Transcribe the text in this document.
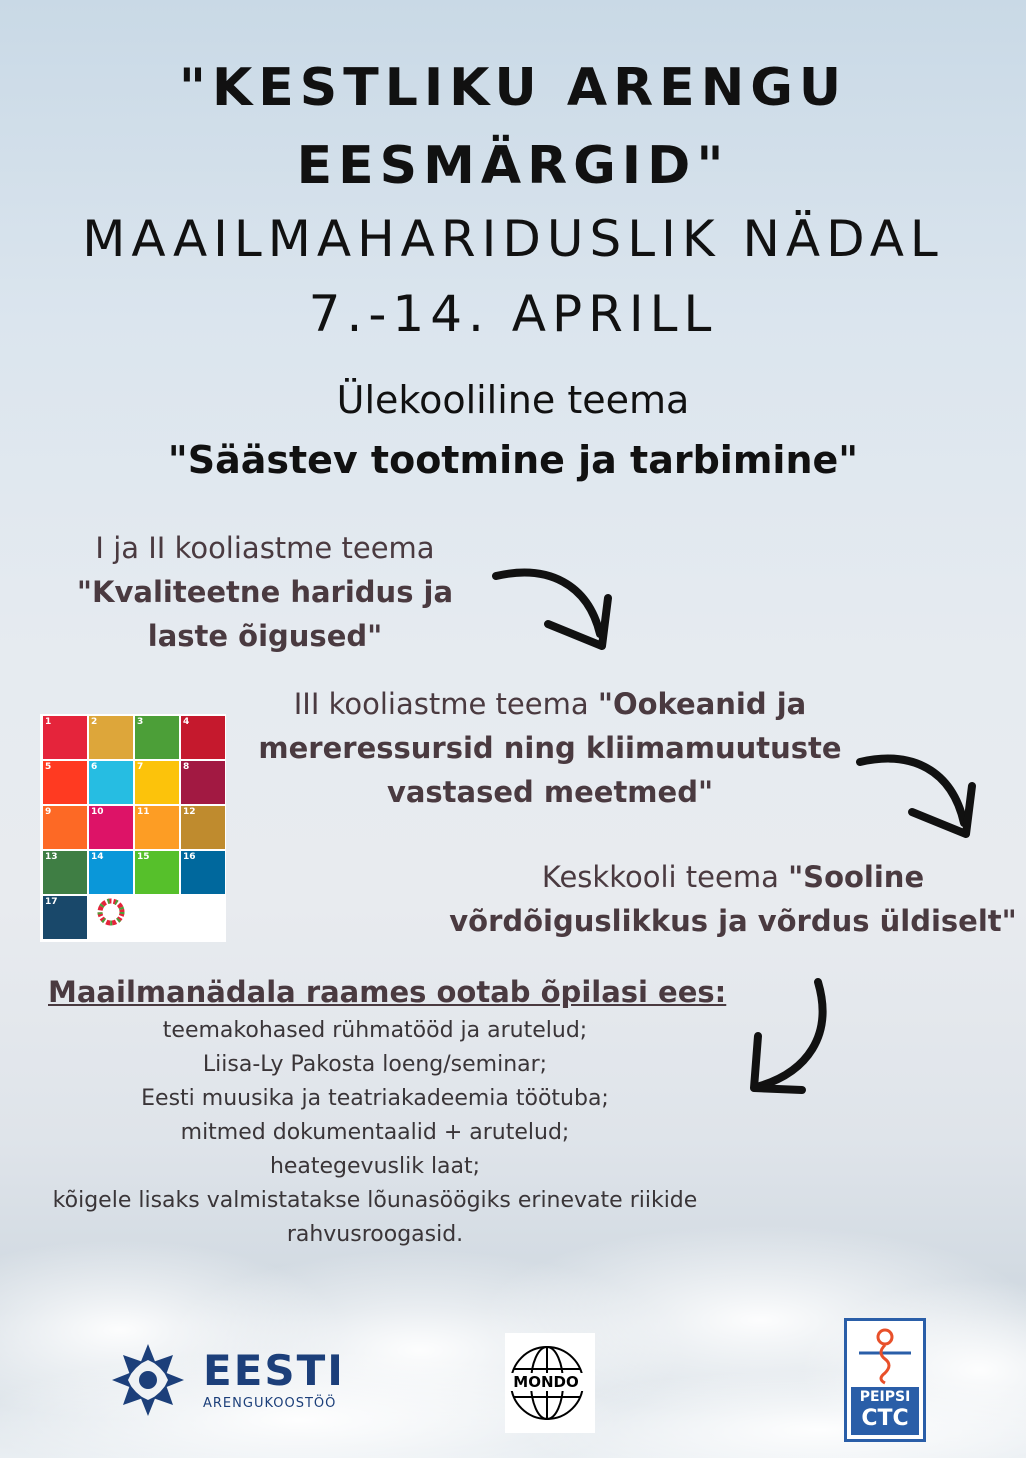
"KESTLIKU ARENGU
EESMÄRGID"
MAAILMAHARIDUSLIK NÄDAL
7.-14. APRILL
Ülekooliline teema
"Säästev tootmine ja tarbimine"
I ja II kooliastme teema
"Kvaliteetne haridus ja laste õigused"
III kooliastme teema "Ookeanid ja mereressursid ning kliimamuutuste vastased meetmed"
1	2	3	4
5	6	7	8
9	10	11	12
13	14	15	16
17
Keskkooli teema "Sooline võrdõiguslikkus ja võrdus üldiselt"
Maailmanädala raames ootab õpilasi ees:
teemakohased rühmatööd ja arutelud;
Liisa-Ly Pakosta loeng/seminar;
Eesti muusika ja teatriakadeemia töötuba;
mitmed dokumentaalid + arutelud;
heategevuslik laat;
kõigele lisaks valmistatakse lõunasöögiks erinevate riikide
rahvusroogasid.
EESTI
ARENGUKOOSTÖÖ
MONDO
PEIPSI
CTC
